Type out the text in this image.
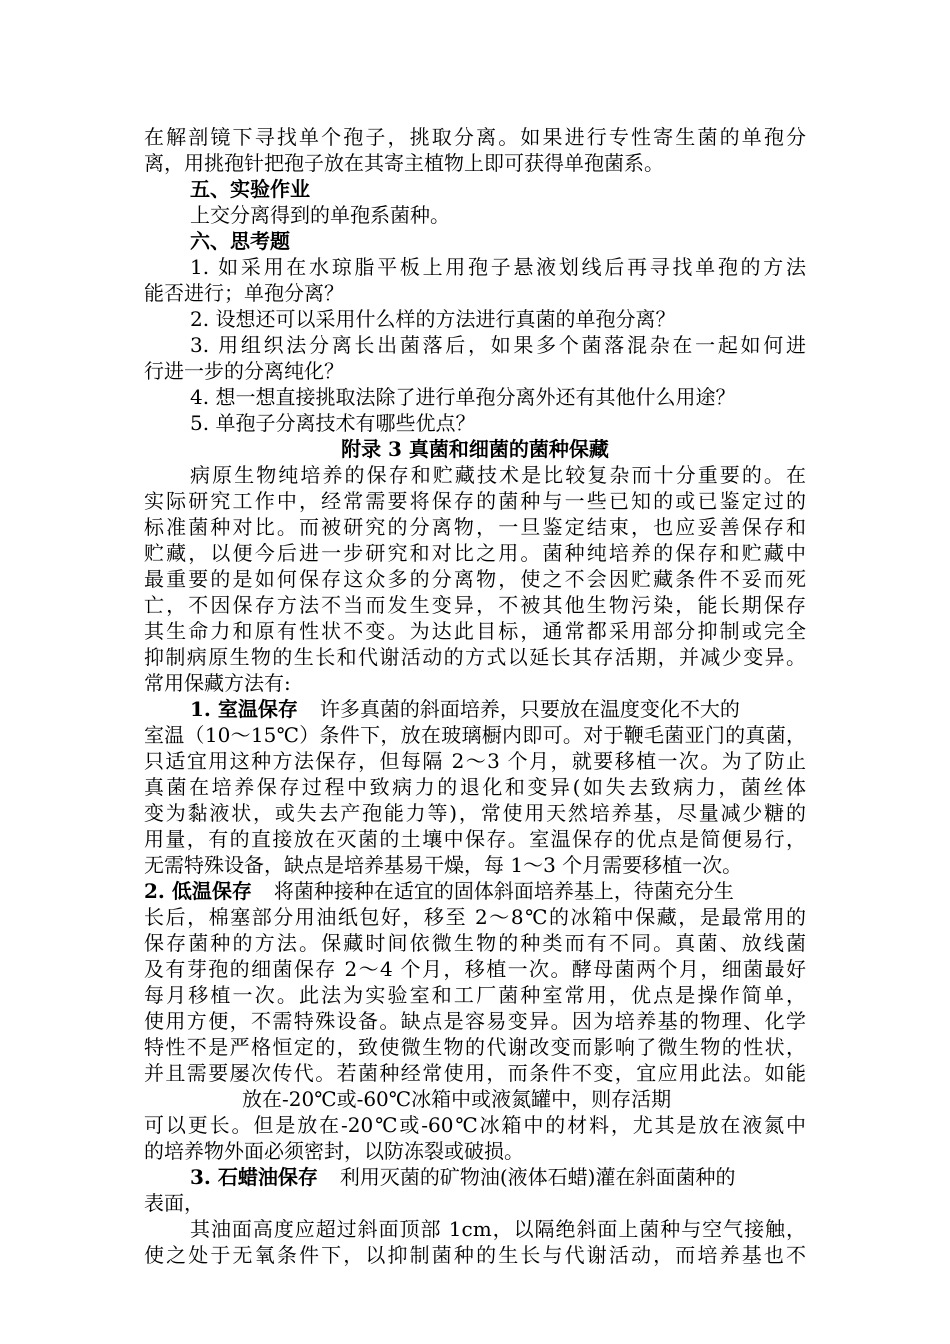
在解剖镜下寻找单个孢子，挑取分离。如果进行专性寄生菌的单孢分
离，用挑孢针把孢子放在其寄主植物上即可获得单孢菌系。
五、实验作业
上交分离得到的单孢系菌种。
六、思考题
1. 如采用在水琼脂平板上用孢子悬液划线后再寻找单孢的方法
能否进行；单孢分离？
2. 设想还可以采用什么样的方法进行真菌的单孢分离？
3. 用组织法分离长出菌落后，如果多个菌落混杂在一起如何进
行进一步的分离纯化？
4. 想一想直接挑取法除了进行单孢分离外还有其他什么用途？
5. 单孢子分离技术有哪些优点？
附录 3 真菌和细菌的菌种保藏
病原生物纯培养的保存和贮藏技术是比较复杂而十分重要的。在
实际研究工作中，经常需要将保存的菌种与一些已知的或已鉴定过的
标准菌种对比。而被研究的分离物，一旦鉴定结束，也应妥善保存和
贮藏，以便今后进一步研究和对比之用。菌种纯培养的保存和贮藏中
最重要的是如何保存这众多的分离物，使之不会因贮藏条件不妥而死
亡，不因保存方法不当而发生变异，不被其他生物污染，能长期保存
其生命力和原有性状不变。为达此目标，通常都采用部分抑制或完全
抑制病原生物的生长和代谢活动的方式以延长其存活期，并减少变异。
常用保藏方法有:
1. 室温保存 许多真菌的斜面培养，只要放在温度变化不大的
室温（10～15℃）条件下，放在玻璃橱内即可。对于鞭毛菌亚门的真菌，
只适宜用这种方法保存，但每隔 2～3 个月，就要移植一次。为了防止
真菌在培养保存过程中致病力的退化和变异(如失去致病力，菌丝体
变为黏液状，或失去产孢能力等)，常使用天然培养基，尽量减少糖的
用量，有的直接放在灭菌的土壤中保存。室温保存的优点是简便易行，
无需特殊设备，缺点是培养基易干燥，每 1～3 个月需要移植一次。
2. 低温保存 将菌种接种在适宜的固体斜面培养基上，待菌充分生
长后，棉塞部分用油纸包好，移至 2～8℃的冰箱中保藏，是最常用的
保存菌种的方法。保藏时间依微生物的种类而有不同。真菌、放线菌
及有芽孢的细菌保存 2～4 个月，移植一次。酵母菌两个月，细菌最好
每月移植一次。此法为实验室和工厂菌种室常用，优点是操作简单，
使用方便，不需特殊设备。缺点是容易变异。因为培养基的物理、化学
特性不是严格恒定的，致使微生物的代谢改变而影响了微生物的性状，
并且需要屡次传代。若菌种经常使用，而条件不变，宜应用此法。如能
放在-20℃或-60℃冰箱中或液氮罐中，则存活期
可以更长。但是放在-20℃或-60℃冰箱中的材料，尤其是放在液氮中
的培养物外面必须密封，以防冻裂或破损。
3. 石蜡油保存 利用灭菌的矿物油(液体石蜡)灌在斜面菌种的
表面，
其油面高度应超过斜面顶部 1cm，以隔绝斜面上菌种与空气接触，
使之处于无氧条件下，以抑制菌种的生长与代谢活动，而培养基也不
